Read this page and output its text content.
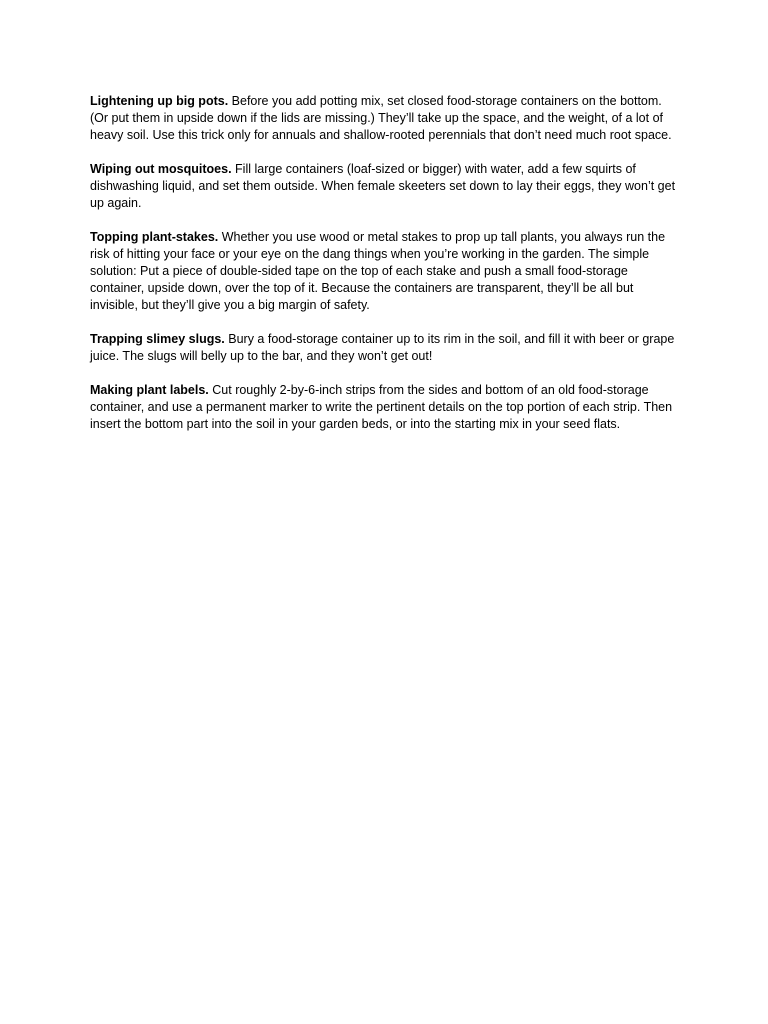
Lightening up big pots. Before you add potting mix, set closed food-storage containers on the bottom. (Or put them in upside down if the lids are missing.) They’ll take up the space, and the weight, of a lot of heavy soil. Use this trick only for annuals and shallow-rooted perennials that don’t need much root space.

Wiping out mosquitoes. Fill large containers (loaf-sized or bigger) with water, add a few squirts of dishwashing liquid, and set them outside. When female skeeters set down to lay their eggs, they won’t get up again.

Topping plant-stakes. Whether you use wood or metal stakes to prop up tall plants, you always run the risk of hitting your face or your eye on the dang things when you’re working in the garden. The simple solution: Put a piece of double-sided tape on the top of each stake and push a small food-storage container, upside down, over the top of it. Because the containers are transparent, they’ll be all but invisible, but they’ll give you a big margin of safety.

Trapping slimey slugs. Bury a food-storage container up to its rim in the soil, and fill it with beer or grape juice. The slugs will belly up to the bar, and they won’t get out!

Making plant labels. Cut roughly 2-by-6-inch strips from the sides and bottom of an old food-storage container, and use a permanent marker to write the pertinent details on the top portion of each strip. Then insert the bottom part into the soil in your garden beds, or into the starting mix in your seed flats.
